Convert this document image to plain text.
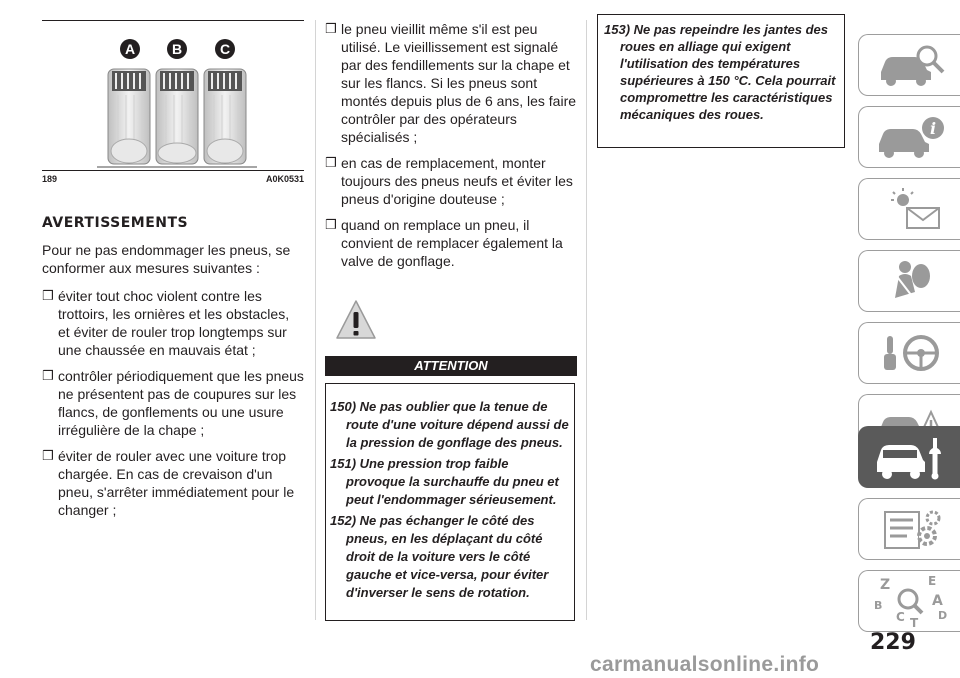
A	B	C
189	A0K0531
AVERTISSEMENTS

Pour ne pas endommager les pneus, se conformer aux mesures suivantes :

❒ éviter tout choc violent contre les trottoirs, les ornières et les obstacles, et éviter de rouler trop longtemps sur une chaussée en mauvais état ;
❒ contrôler périodiquement que les pneus ne présentent pas de coupures sur les flancs, de gonflements ou une usure irrégulière de la chape ;
❒ éviter de rouler avec une voiture trop chargée. En cas de crevaison d'un pneu, s'arrêter immédiatement pour le changer ;
❒ le pneu vieillit même s'il est peu utilisé. Le vieillissement est signalé par des fendillements sur la chape et sur les flancs. Si les pneus sont montés depuis plus de 6 ans, les faire contrôler par des opérateurs spécialisés ;
❒ en cas de remplacement, monter toujours des pneus neufs et éviter les pneus d'origine douteuse ;
❒ quand on remplace un pneu, il convient de remplacer également la valve de gonflage.
ATTENTION
150) Ne pas oublier que la tenue de route d'une voiture dépend aussi de la pression de gonflage des pneus.
151) Une pression trop faible provoque la surchauffe du pneu et peut l'endommager sérieusement.
152) Ne pas échanger le côté des pneus, en les déplaçant du côté droit de la voiture vers le côté gauche et vice-versa, pour éviter d'inverser le sens de rotation.
153) Ne pas repeindre les jantes des roues en alliage qui exigent l'utilisation des températures supérieures à 150 °C. Cela pourrait compromettre les caractéristiques mécaniques des roues.
i
Z	E
B	A
C T
D
229
carmanualsonline.info
